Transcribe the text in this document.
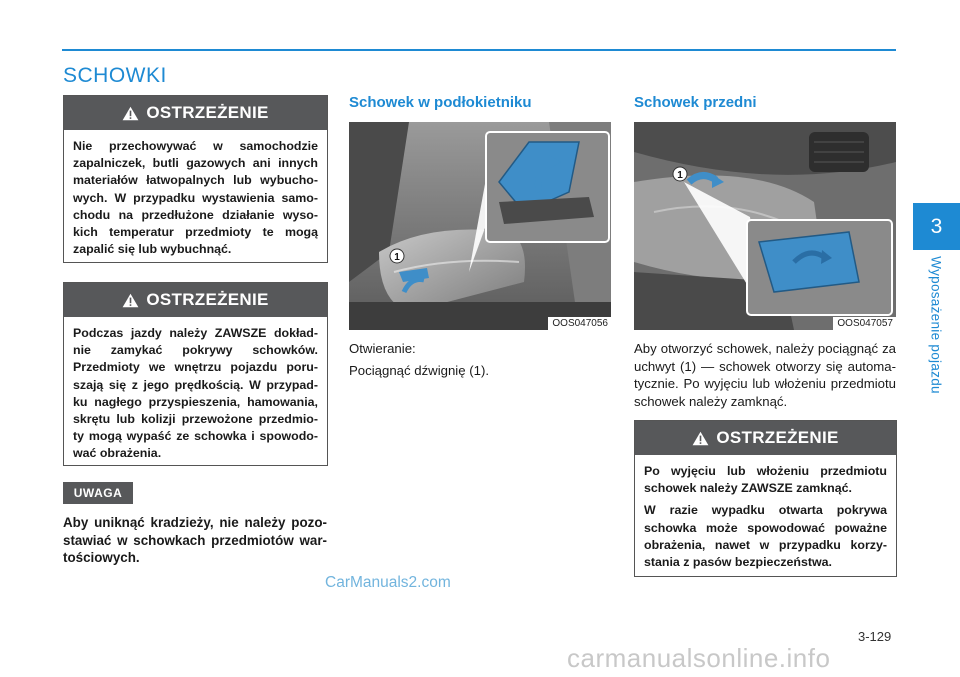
SCHOWKI
OSTRZEŻENIE

Nie przechowywać w samochodzie zapalniczek, butli gazowych ani innych materiałów łatwopalnych lub wybucho-wych. W przypadku wystawienia samo-chodu na przedłużone działanie wyso-kich temperatur przedmioty te mogą zapalić się lub wybuchnąć.

OSTRZEŻENIE

Podczas jazdy należy ZAWSZE dokład-nie zamykać pokrywy schowków. Przedmioty we wnętrzu pojazdu poru-szają się z jego prędkością. W przypad-ku nagłego przyspieszenia, hamowania, skrętu lub kolizji przewożone przedmio-ty mogą wypaść ze schowka i spowodo-wać obrażenia.

UWAGA
Aby uniknąć kradzieży, nie należy pozo-stawiać w schowkach przedmiotów war-tościowych.
Schowek w podłokietniku
1
OOS047056

Otwieranie:

Pociągnąć dźwignię (1).

Schowek przedni
1
OOS047057

Aby otworzyć schowek, należy pociągnąć za uchwyt (1) — schowek otworzy się automa-tycznie. Po wyjęciu lub włożeniu przedmiotu schowek należy zamknąć.

OSTRZEŻENIE

Po wyjęciu lub włożeniu przedmiotu schowek należy ZAWSZE zamknąć.

W razie wypadku otwarta pokrywa schowka może spowodować poważne obrażenia, nawet w przypadku korzy-stania z pasów bezpieczeństwa.

3
Wyposażenie pojazdu
CarManuals2.com
3-129
carmanualsonline.info
